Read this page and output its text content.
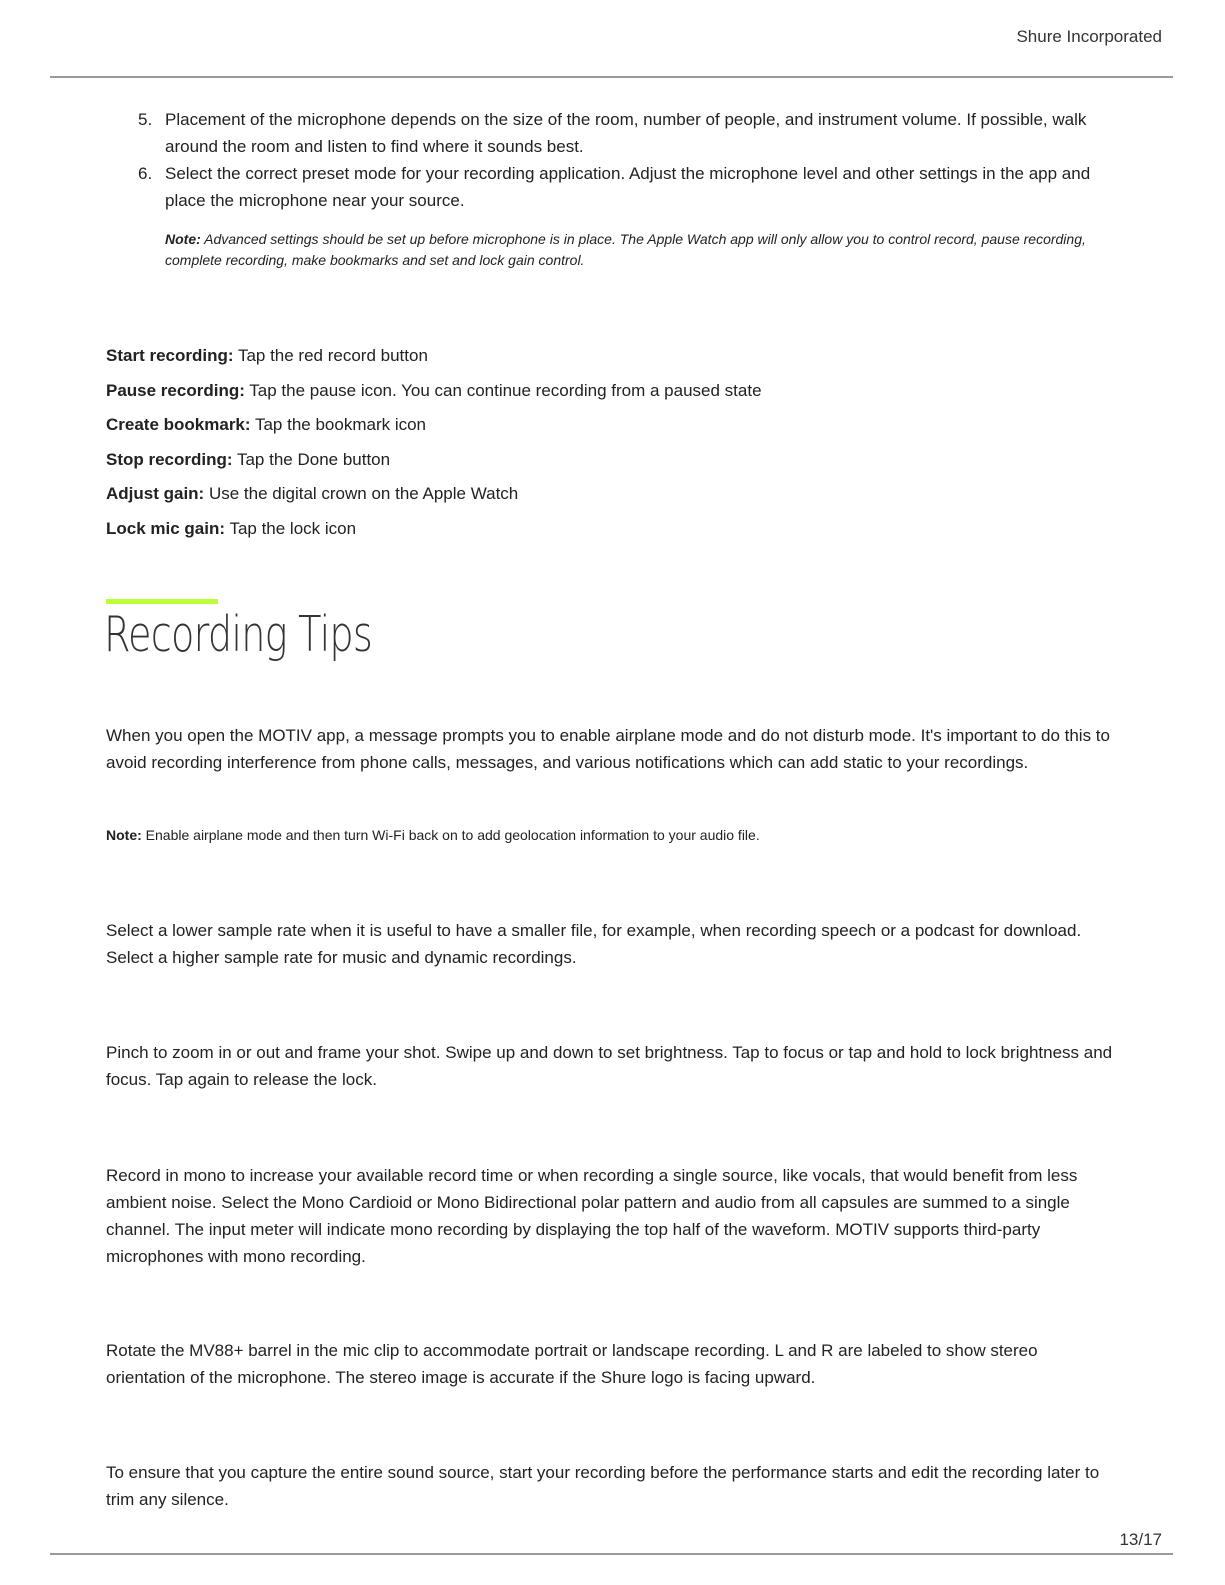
Shure Incorporated
5. Placement of the microphone depends on the size of the room, number of people, and instrument volume. If possible, walk around the room and listen to find where it sounds best.
6. Select the correct preset mode for your recording application. Adjust the microphone level and other settings in the app and place the microphone near your source.
Note: Advanced settings should be set up before microphone is in place. The Apple Watch app will only allow you to control record, pause recording, complete recording, make bookmarks and set and lock gain control.
Start recording: Tap the red record button
Pause recording: Tap the pause icon. You can continue recording from a paused state
Create bookmark: Tap the bookmark icon
Stop recording: Tap the Done button
Adjust gain: Use the digital crown on the Apple Watch
Lock mic gain: Tap the lock icon
Recording Tips
When you open the MOTIV app, a message prompts you to enable airplane mode and do not disturb mode. It's important to do this to avoid recording interference from phone calls, messages, and various notifications which can add static to your recordings.
Note: Enable airplane mode and then turn Wi-Fi back on to add geolocation information to your audio file.
Select a lower sample rate when it is useful to have a smaller file, for example, when recording speech or a podcast for download. Select a higher sample rate for music and dynamic recordings.
Pinch to zoom in or out and frame your shot. Swipe up and down to set brightness. Tap to focus or tap and hold to lock brightness and focus. Tap again to release the lock.
Record in mono to increase your available record time or when recording a single source, like vocals, that would benefit from less ambient noise. Select the Mono Cardioid or Mono Bidirectional polar pattern and audio from all capsules are summed to a single channel. The input meter will indicate mono recording by displaying the top half of the waveform. MOTIV supports third-party microphones with mono recording.
Rotate the MV88+ barrel in the mic clip to accommodate portrait or landscape recording. L and R are labeled to show stereo orientation of the microphone. The stereo image is accurate if the Shure logo is facing upward.
To ensure that you capture the entire sound source, start your recording before the performance starts and edit the recording later to trim any silence.
13/17
